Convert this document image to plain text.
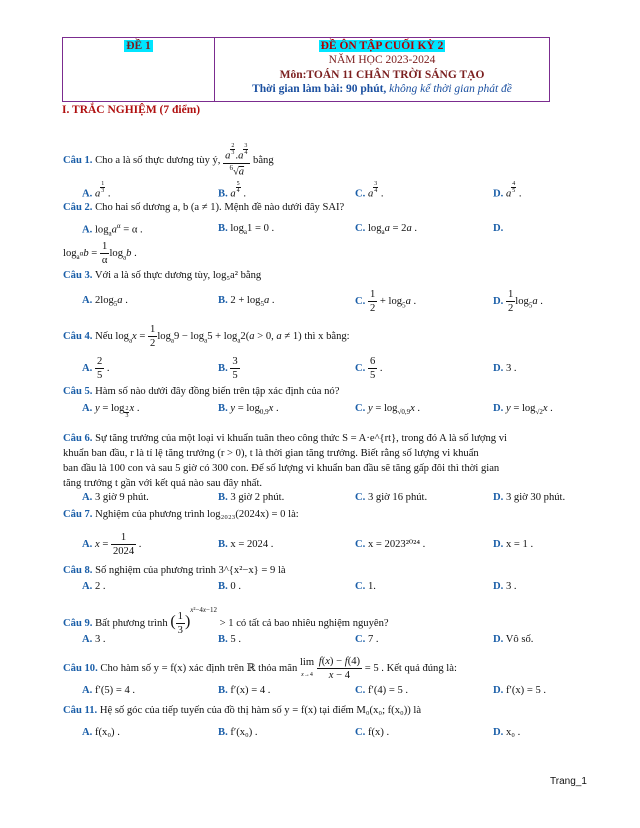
ĐỀ 1	ĐỀ ÔN TẬP CUỐI KỲ 2
NĂM HỌC 2023-2024
Môn:TOÁN 11 CHÂN TRỜI SÁNG TẠO
Thời gian làm bài: 90 phút, không kể thời gian phát đề
I. TRẮC NGHIỆM (7 điểm)
Câu 1. Cho a là số thực dương tùy ý, a
$\frac{2}{3}$
.a
$\frac{3}{4}$
$^6$√a bằng
A. a
$\frac{1}{3}$
.	B. a
$\frac{5}{4}$
.	C. a
$\frac{3}{4}$
.	D. a
$\frac{4}{5}$
.
Câu 2. Cho hai số dương a, b (a ≠ 1). Mệnh đề nào dưới đây SAI?
A. $\log_aa^\alpha = \alpha$ .	B. $\log_a1 = 0$ .	C. $\log_aa = 2a$ .	D.
$\log_{a^\alpha}b = \frac{1}{\alpha} \log_ab$ .
Câu 3. Với a là số thực dương tùy, log₅a² bằng
A. $2\log_5a$ .	B. $2 + \log_5a$ .	C. $\frac{1}{2} + \log_5a$ .	D. $\frac{1}{2} \log_5a$ .
Câu 4. Nếu $\log_ax = \frac{1}{2} \log_a9 - \log_a5 + \log_a2(a > 0$, a ≠ 1) thì x bằng:
A. $\frac{2}{5}$ .	B. $\frac{3}{5}$	C. $\frac{6}{5}$ .	D. 3 .
Câu 5. Hàm số nào dưới đây đồng biến trên tập xác định của nó?
A. y = log $_{\frac{2}{3}}$ x .	B. $y = \log_{0,9}x$ .	C. $y = \log_{√0,9}x$ .	D. $y = \log_{√2}x$ .
Câu 6. Sự tăng trưởng của một loại vi khuẩn tuân theo công thức S = A·e^{rt}, trong đó A là số lượng vi
khuẩn ban đầu, r là tỉ lệ tăng trưởng (r > 0), t là thời gian tăng trưởng. Biết rằng số lượng vi khuẩn
ban đầu là 100 con và sau 5 giờ có 300 con. Để số lượng vi khuẩn ban đầu sẽ tăng gấp đôi thì thời gian
tăng trưởng t gần với kết quả nào sau đây nhất.
A. 3 giờ 9 phút.	B. 3 giờ 2 phút.	C. 3 giờ 16 phút.	D. 3 giờ 30 phút.
Câu 7. Nghiệm của phương trình log₂₀₂₃(2024x) = 0 là:
A. $x = \frac{1}{2024}$ .	B. x = 2024 .	C. x = 2023²⁰²⁴ .	D. x = 1 .
Câu 8. Số nghiệm của phương trình 3^{x²−x} = 9 là
A. 2 .	B. 0 .	C. 1.	D. 3 .
Câu 9. Bất phương trình ( $\frac{1}{3} )^{x^2-4x-12} > 1$ có tất cả bao nhiêu nghiệm nguyên?
A. 3 .	B. 5 .	C. 7 .	D. Vô số.
Câu 10. Cho hàm số y = f(x) xác định trên ℝ thỏa mãn lim
$x\to 4 \frac{f(x) - f(4)}{x - 4} = 5$ . Kết quả đúng là:
A. f′(5) = 4 .	B. f′(x) = 4 .	C. f′(4) = 5 .	D. f′(x) = 5 .
Câu 11. Hệ số góc của tiếp tuyến của đồ thị hàm số y = f(x) tại điểm M₀(x₀; f(x₀)) là
A. f(x₀) .	B. f′(x₀) .	C. f(x) .	D. x₀ .
Trang_1
